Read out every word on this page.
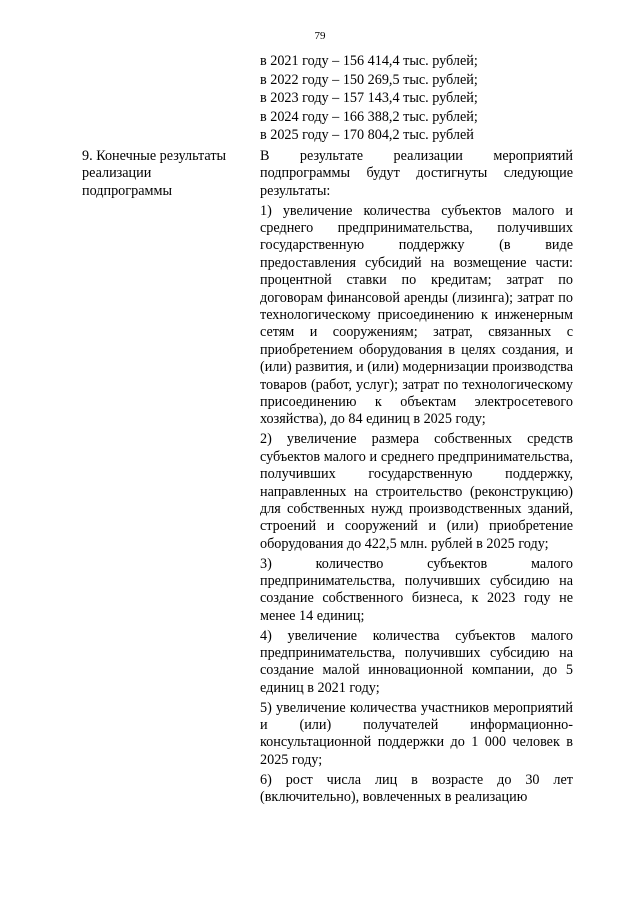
79
в 2021 году – 156 414,4 тыс. рублей;
в 2022 году – 150 269,5 тыс. рублей;
в 2023 году – 157 143,4 тыс. рублей;
в 2024 году – 166 388,2 тыс. рублей;
в 2025 году – 170 804,2 тыс. рублей
9. Конечные результаты реализации подпрограммы

В результате реализации мероприятий подпрограммы будут достигнуты следующие результаты:

1) увеличение количества субъектов малого и среднего предпринимательства, получивших государственную поддержку (в виде предоставления субсидий на возмещение части: процентной ставки по кредитам; затрат по договорам финансовой аренды (лизинга); затрат по технологическому присоединению к инженерным сетям и сооружениям; затрат, связанных с приобретением оборудования в целях создания, и (или) развития, и (или) модернизации производства товаров (работ, услуг); затрат по технологическому присоединению к объектам электросетевого хозяйства), до 84 единиц в 2025 году;

2) увеличение размера собственных средств субъектов малого и среднего предпринимательства, получивших государственную поддержку, направленных на строительство (реконструкцию) для собственных нужд производственных зданий, строений и сооружений и (или) приобретение оборудования до 422,5 млн. рублей в 2025 году;

3) количество субъектов малого предпринимательства, получивших субсидию на создание собственного бизнеса, к 2023 году не менее 14 единиц;

4) увеличение количества субъектов малого предпринимательства, получивших субсидию на создание малой инновационной компании, до 5 единиц в 2021 году;

5) увеличение количества участников мероприятий и (или) получателей информационно-консультационной поддержки до 1 000 человек в 2025 году;

6) рост числа лиц в возрасте до 30 лет (включительно), вовлеченных в реализацию
